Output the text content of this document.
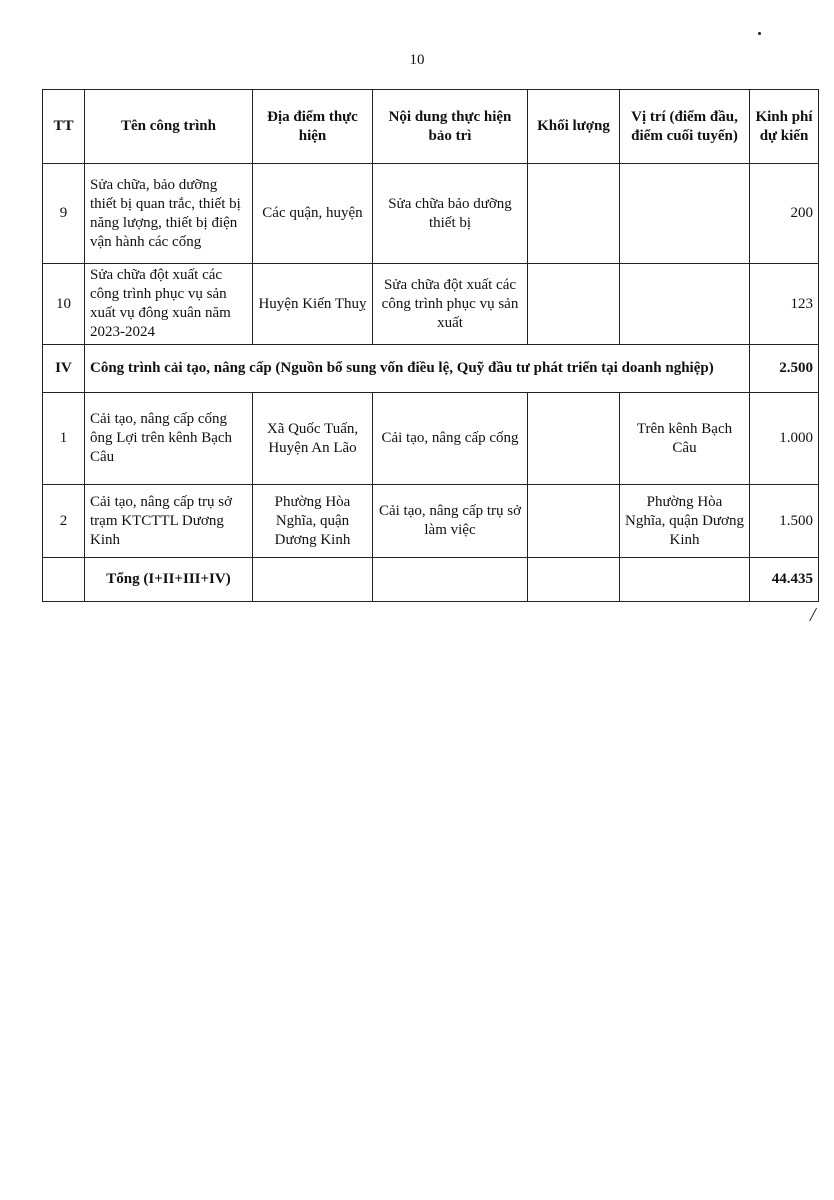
10
/
TT	Tên công trình	Địa điểm thực hiện	Nội dung thực hiện bảo trì	Khối lượng	Vị trí (điểm đầu, điểm cuối tuyến)	Kinh phí dự kiến
9	Sửa chữa, bảo dưỡng thiết bị quan trắc, thiết bị năng lượng, thiết bị điện vận hành các cống	Các quận, huyện	Sửa chữa bảo dưỡng thiết bị			200
10	Sửa chữa đột xuất các công trình phục vụ sản xuất vụ đông xuân năm 2023-2024	Huyện Kiến Thuỵ	Sửa chữa đột xuất các công trình phục vụ sản xuất			123
IV	Công trình cải tạo, nâng cấp (Nguồn bổ sung vốn điều lệ, Quỹ đầu tư phát triển tại doanh nghiệp)					2.500
1	Cải tạo, nâng cấp cống ông Lợi trên kênh Bạch Câu	Xã Quốc Tuấn, Huyện An Lão	Cải tạo, nâng cấp cống		Trên kênh Bạch Câu	1.000
2	Cải tạo, nâng cấp trụ sở trạm KTCTTL Dương Kinh	Phường Hòa Nghĩa, quận Dương Kinh	Cải tạo, nâng cấp trụ sở làm việc		Phường Hòa Nghĩa, quận Dương Kinh	1.500
	Tổng (I+II+III+IV)					44.435
